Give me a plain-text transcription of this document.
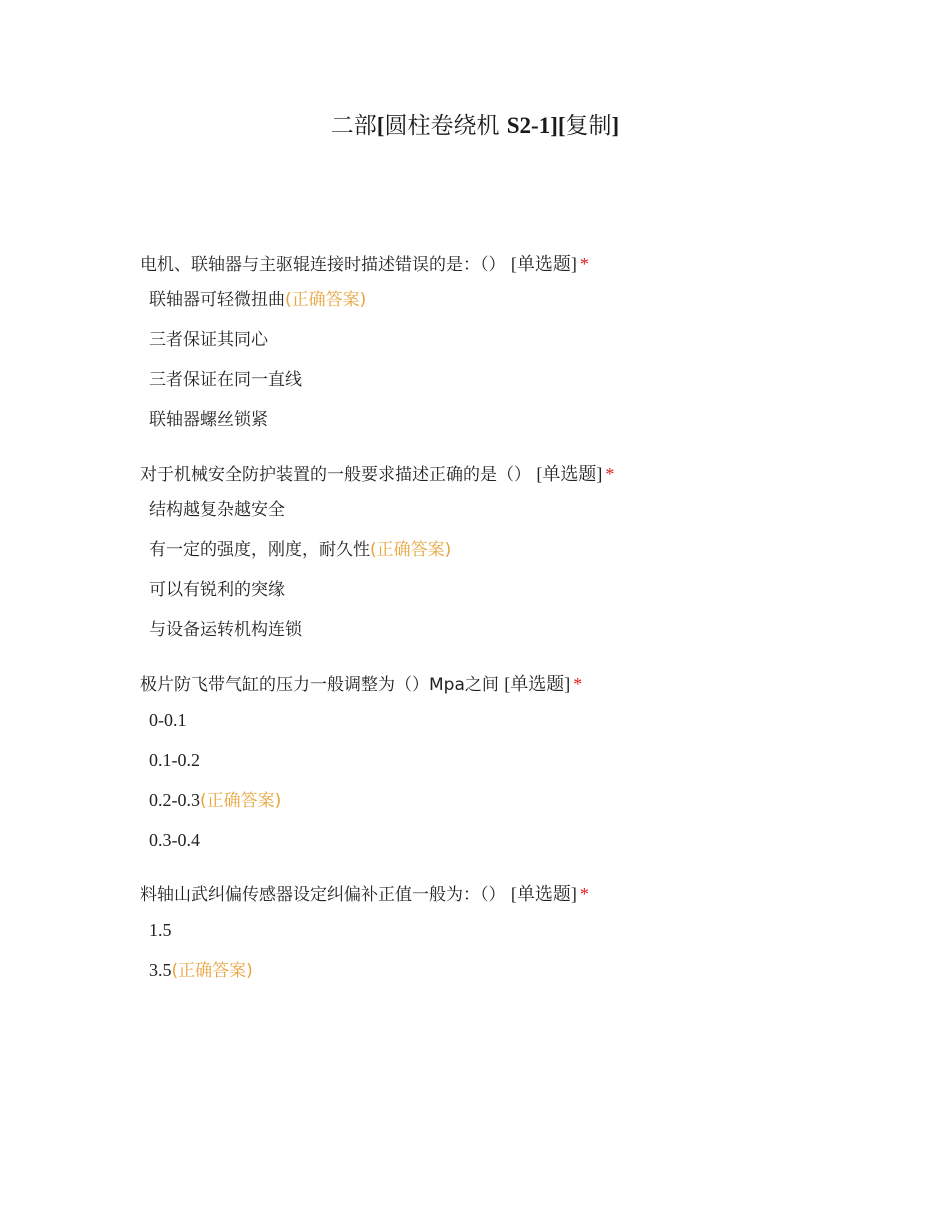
二部[圆柱卷绕机 S2-1][复制]
电机、联轴器与主驱辊连接时描述错误的是：（） [单选题] *
联轴器可轻微扭曲(正确答案)
三者保证其同心
三者保证在同一直线
联轴器螺丝锁紧
对于机械安全防护装置的一般要求描述正确的是（） [单选题] *
结构越复杂越安全
有一定的强度，刚度，耐久性(正确答案)
可以有锐利的突缘
与设备运转机构连锁
极片防飞带气缸的压力一般调整为（）Mpa之间 [单选题] *
0-0.1
0.1-0.2
0.2-0.3(正确答案)
0.3-0.4
料轴山武纠偏传感器设定纠偏补正值一般为：（） [单选题] *
1.5
3.5(正确答案)
